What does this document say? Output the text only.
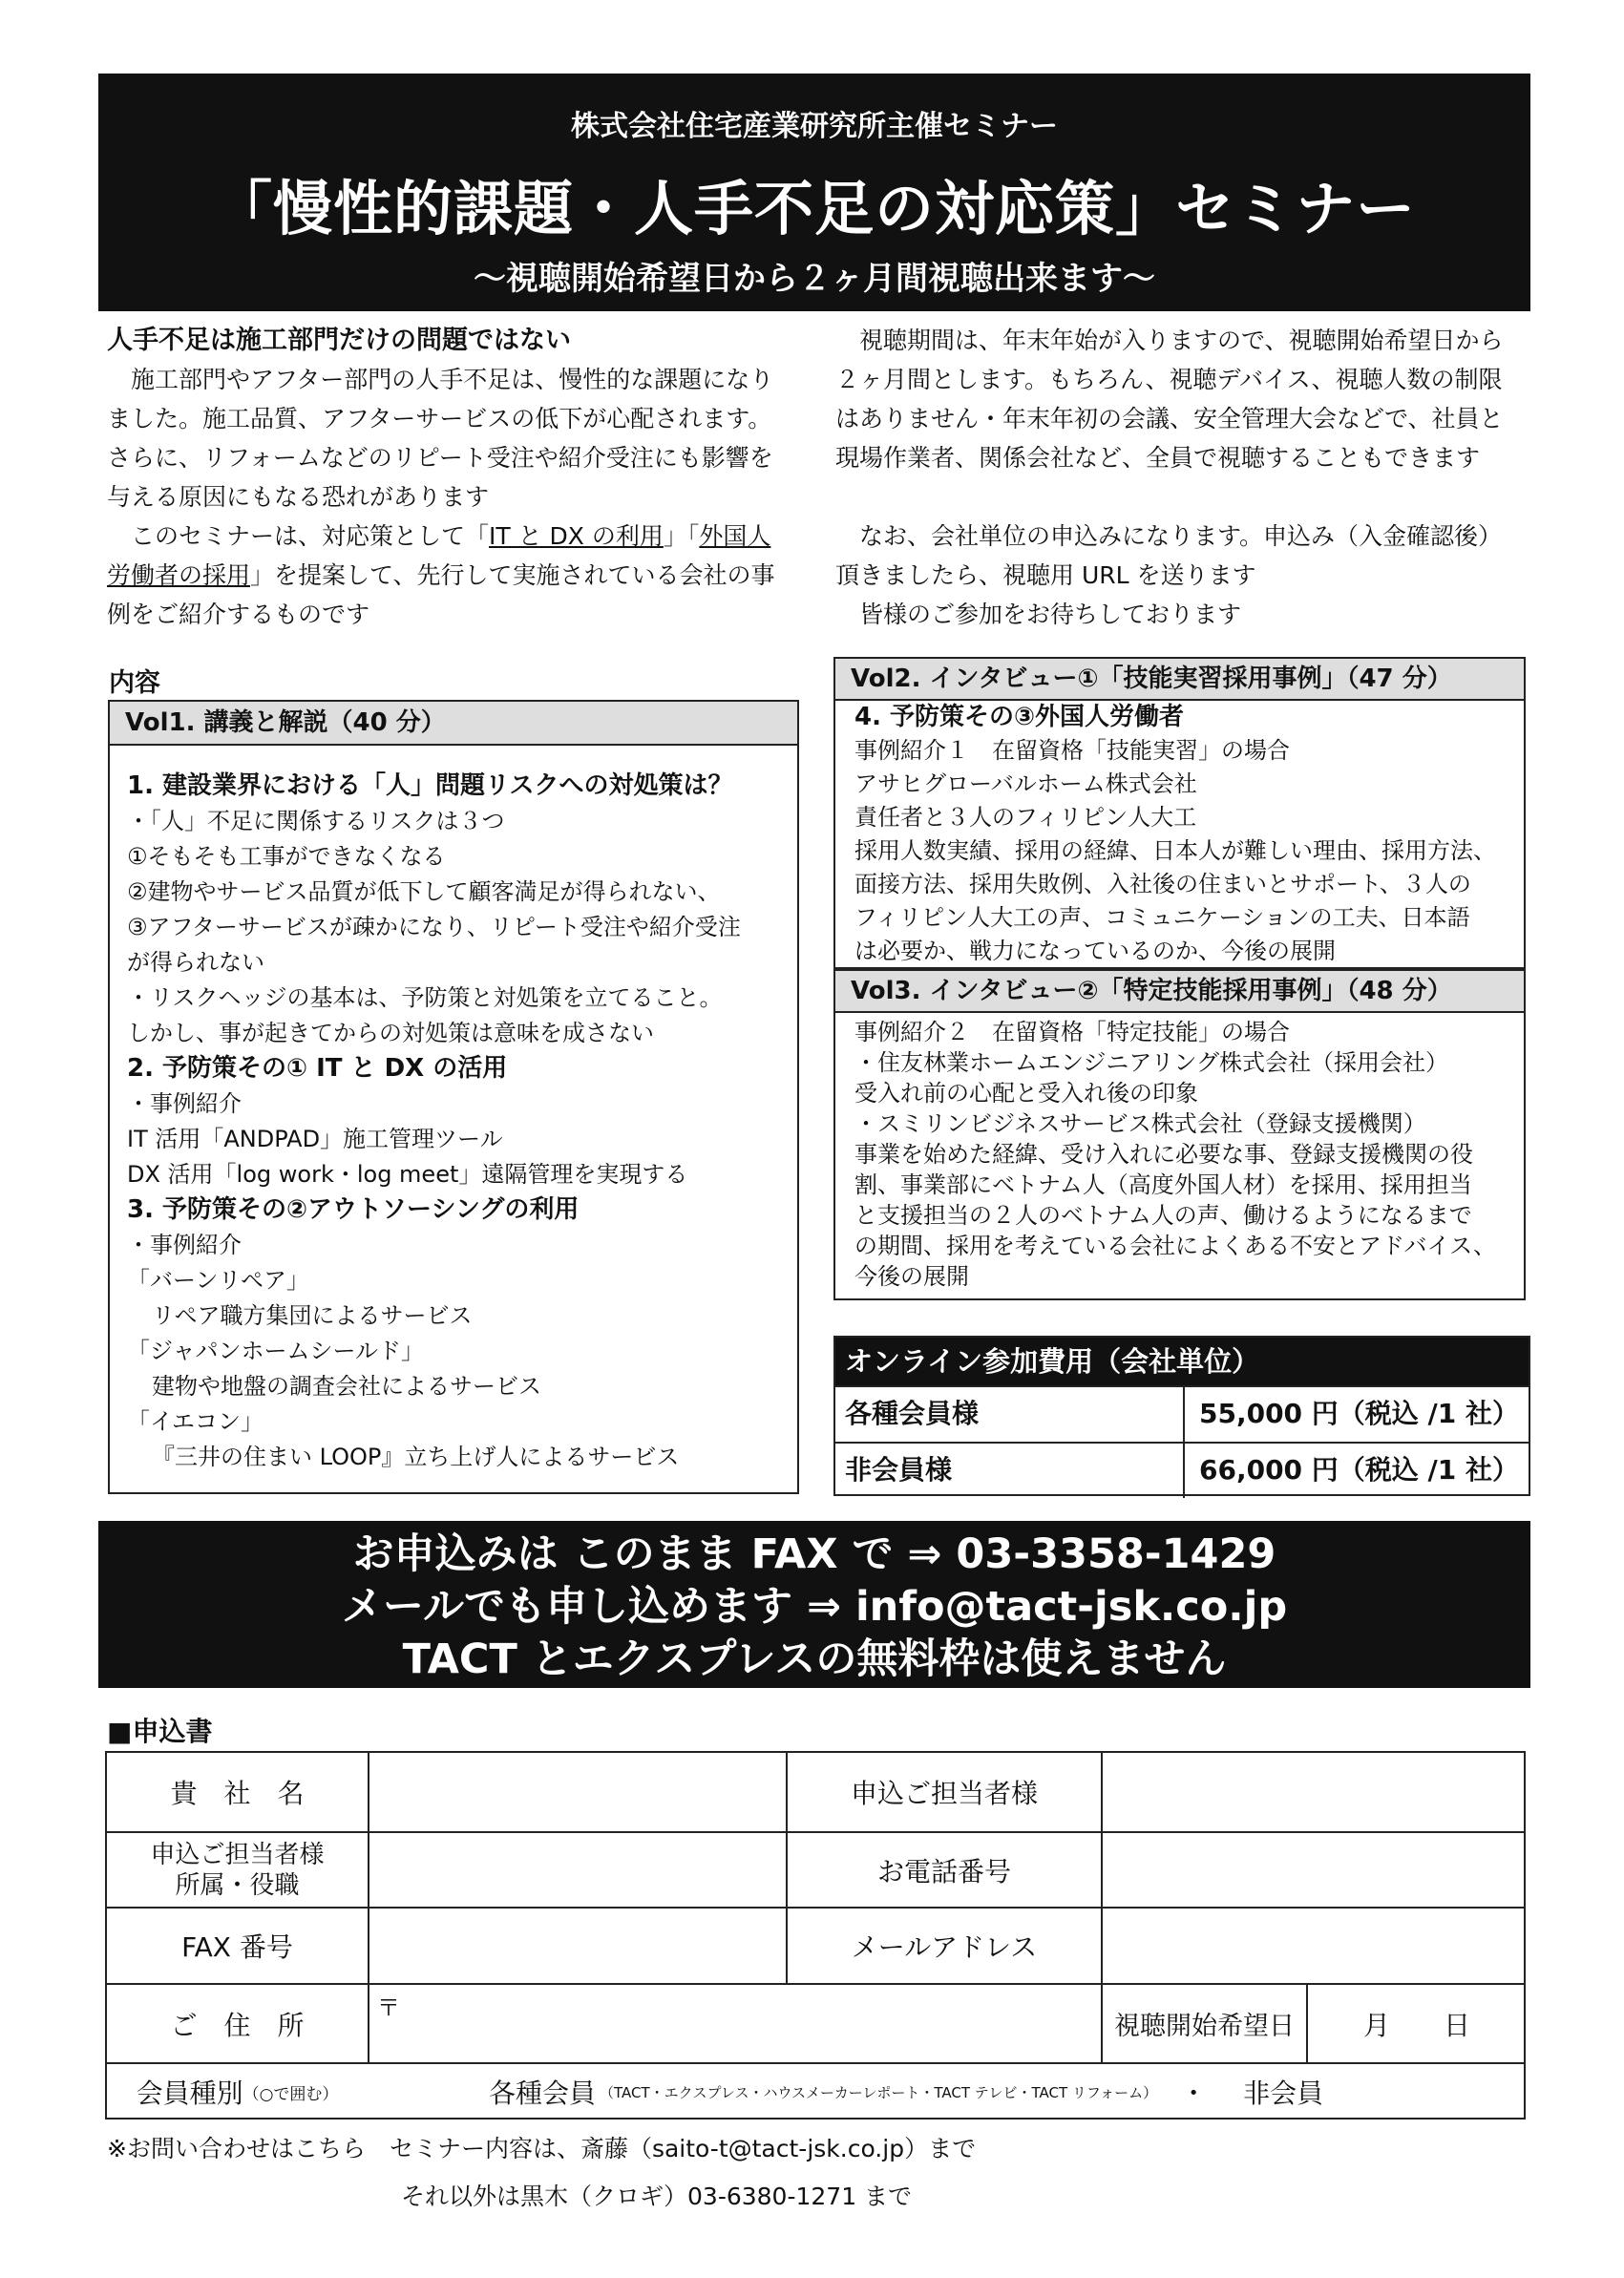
株式会社住宅産業研究所主催セミナー
「慢性的課題・人手不足の対応策」セミナー
～視聴開始希望日から２ヶ月間視聴出来ます～
人手不足は施工部門だけの問題ではない

施工部門やアフター部門の人手不足は、慢性的な課題になり

ました。施工品質、アフターサービスの低下が心配されます。

さらに、リフォームなどのリピート受注や紹介受注にも影響を

与える原因にもなる恐れがあります

このセミナーは、対応策として「IT と DX の利用」「外国人

労働者の採用」を提案して、先行して実施されている会社の事

例をご紹介するものです

視聴期間は、年末年始が入りますので、視聴開始希望日から

２ヶ月間とします。もちろん、視聴デバイス、視聴人数の制限

はありません・年末年初の会議、安全管理大会などで、社員と

現場作業者、関係会社など、全員で視聴することもできます

なお、会社単位の申込みになります。申込み（入金確認後）

頂きましたら、視聴用 URL を送ります

皆様のご参加をお待ちしております

内容
Vol1. 講義と解説（40 分）
1. 建設業界における「人」問題リスクへの対処策は？
・「人」不足に関係するリスクは３つ
①そもそも工事ができなくなる
②建物やサービス品質が低下して顧客満足が得られない、
③アフターサービスが疎かになり、リピート受注や紹介受注
が得られない
・リスクヘッジの基本は、予防策と対処策を立てること。
しかし、事が起きてからの対処策は意味を成さない
2. 予防策その① IT と DX の活用
・事例紹介
IT 活用「ANDPAD」施工管理ツール
DX 活用「log work・log meet」遠隔管理を実現する
3. 予防策その②アウトソーシングの利用
・事例紹介
「バーンリペア」
リペア職方集団によるサービス
「ジャパンホームシールド」
建物や地盤の調査会社によるサービス
「イエコン」
『三井の住まい LOOP』立ち上げ人によるサービス
Vol2. インタビュー①「技能実習採用事例」（47 分）
4. 予防策その③外国人労働者
事例紹介１　在留資格「技能実習」の場合
アサヒグローバルホーム株式会社
責任者と３人のフィリピン人大工
採用人数実績、採用の経緯、日本人が難しい理由、採用方法、
面接方法、採用失敗例、入社後の住まいとサポート、３人の
フィリピン人大工の声、コミュニケーションの工夫、日本語
は必要か、戦力になっているのか、今後の展開
Vol3. インタビュー②「特定技能採用事例」（48 分）
事例紹介２　在留資格「特定技能」の場合
・住友林業ホームエンジニアリング株式会社（採用会社）
受入れ前の心配と受入れ後の印象
・スミリンビジネスサービス株式会社（登録支援機関）
事業を始めた経緯、受け入れに必要な事、登録支援機関の役
割、事業部にベトナム人（高度外国人材）を採用、採用担当
と支援担当の２人のベトナム人の声、働けるようになるまで
の期間、採用を考えている会社によくある不安とアドバイス、
今後の展開
オンライン参加費用（会社単位）
各種会員様	55,000 円（税込 /1 社）
非会員様	66,000 円（税込 /1 社）
お申込みは このまま FAX で ⇒ 03-3358-1429
メールでも申し込めます ⇒ info@tact-jsk.co.jp
TACT とエクスプレスの無料枠は使えません
■申込書
貴　社　名	申込ご担当者様
申込ご担当者様
所属・役職	お電話番号
FAX 番号	メールアドレス
ご　住　所
〒
視聴開始希望日	月　　日
会員種別 （○で囲む）	各種会員 （TACT・エクスプレス・ハウスメーカーレポート・TACT テレビ・TACT リフォーム） ・ 非会員
※お問い合わせはこちら　セミナー内容は、斎藤（saito-t@tact-jsk.co.jp）まで
それ以外は黒木（クロギ）03-6380-1271 まで
